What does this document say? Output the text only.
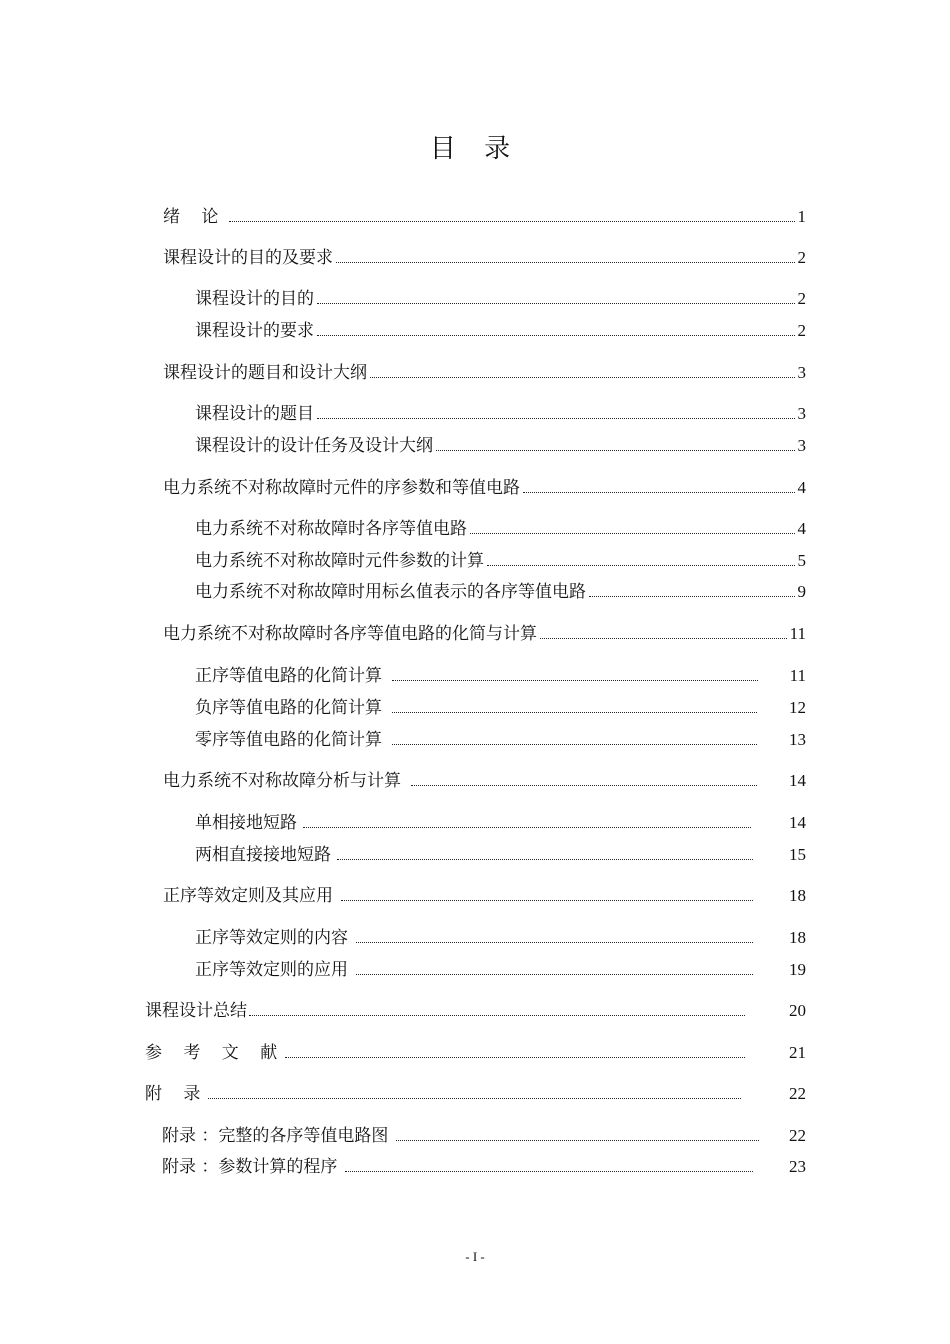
目 录
绪 论	1
课程设计的目的及要求	2
课程设计的目的	2
课程设计的要求	2
课程设计的题目和设计大纲	3
课程设计的题目	3
课程设计的设计任务及设计大纲	3
电力系统不对称故障时元件的序参数和等值电路	4
电力系统不对称故障时各序等值电路	4
电力系统不对称故障时元件参数的计算	5
电力系统不对称故障时用标幺值表示的各序等值电路	9
电力系统不对称故障时各序等值电路的化简与计算	11
正序等值电路的化简计算	11
负序等值电路的化简计算	12
零序等值电路的化简计算	13
电力系统不对称故障分析与计算	14
单相接地短路	14
两相直接接地短路	15
正序等效定则及其应用	18
正序等效定则的内容	18
正序等效定则的应用	19
课程设计总结	20
参 考 文 献	21
附 录	22
附录 ：完整的各序等值电路图	22
附录 ：参数计算的程序	23
- I -
